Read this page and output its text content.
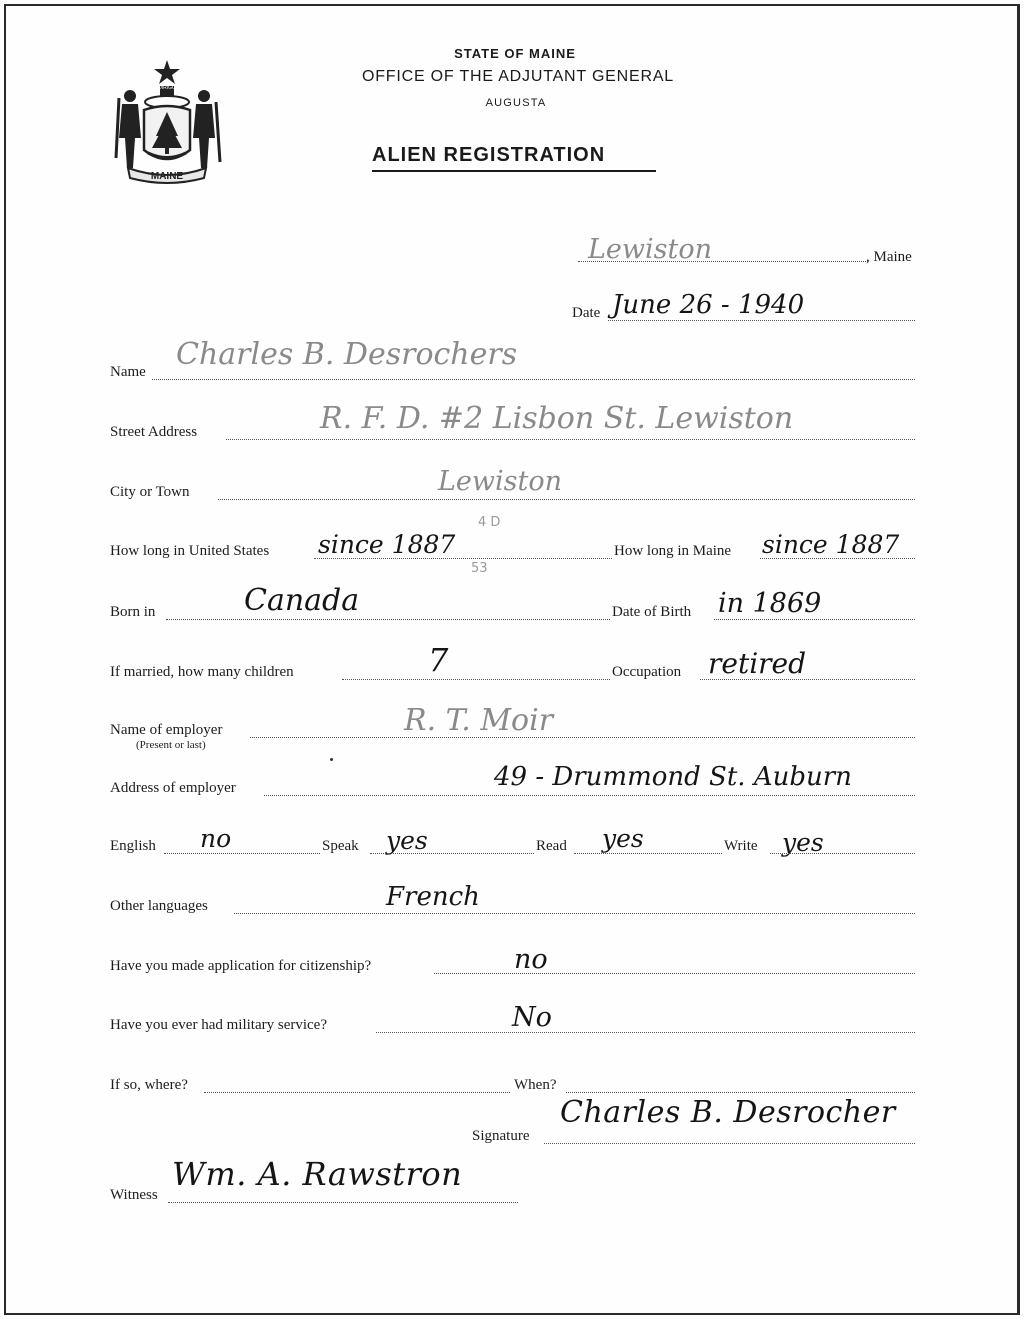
MAINE
DIRIGO
STATE OF MAINE
OFFICE OF THE ADJUTANT GENERAL
AUGUSTA
ALIEN REGISTRATION
Lewiston	, Maine
Date June 26 - 1940
Name Charles B. Desrochers
Street Address	R. F. D. #2 Lisbon St. Lewiston
City or Town	Lewiston
How long in United States since 1887
4 D
53
How long in Maine since 1887
Born in	Canada	Date of Birth in 1869
If married, how many children	7	Occupation retired
Name of employer
(Present or last)
R. T. Moir
Address of employer	49 - Drummond St. Auburn
English no	Speak yes	Read yes	Write yes
Other languages	French
Have you made application for citizenship?	no
Have you ever had military service?	No
If so, where?	When?
Signature
Charles B. Desrocher
Witness
Wm. A. Rawstron
